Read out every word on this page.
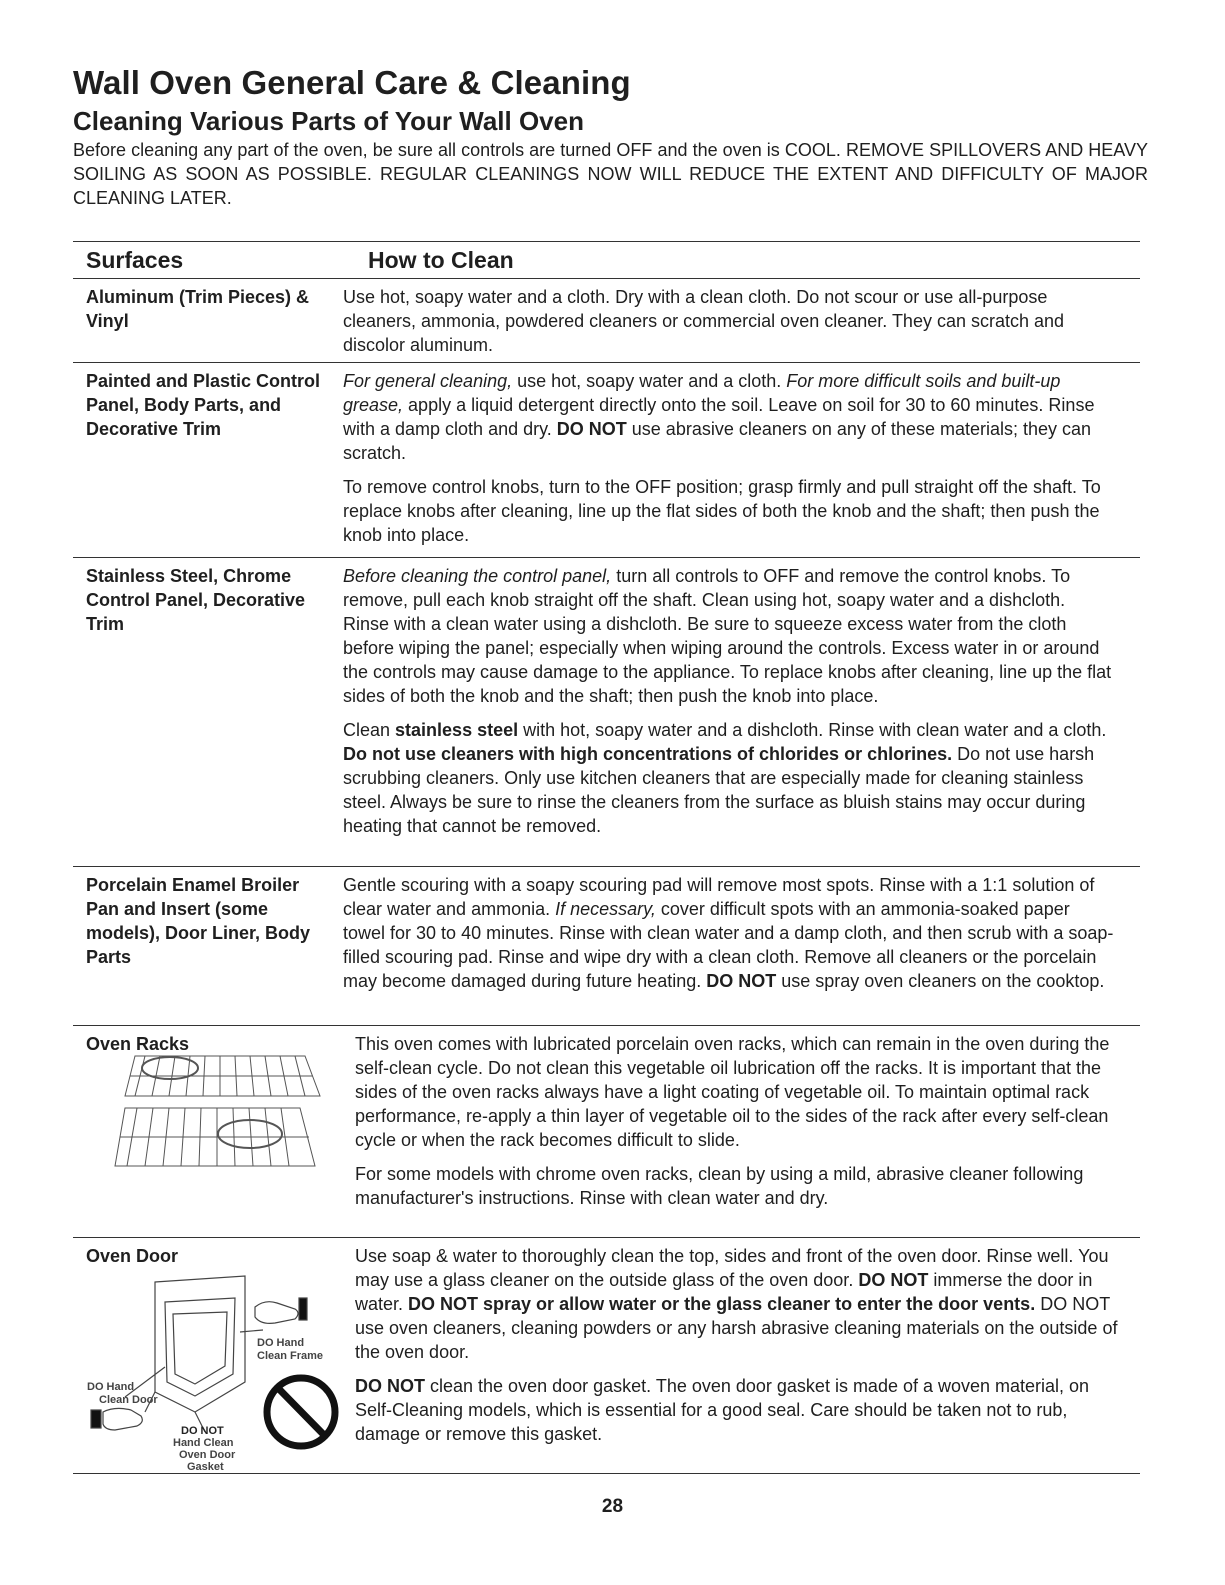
Wall Oven General Care & Cleaning
Cleaning Various Parts of Your Wall Oven

Before cleaning any part of the oven, be sure all controls are turned OFF and the oven is COOL. REMOVE SPILLOVERS AND HEAVY SOILING AS SOON AS POSSIBLE. REGULAR CLEANINGS NOW WILL REDUCE THE EXTENT AND DIFFICULTY OF MAJOR CLEANING LATER.

Surfaces	How to Clean
Aluminum (Trim Pieces) & Vinyl

Use hot, soapy water and a cloth. Dry with a clean cloth. Do not scour or use all-purpose cleaners, ammonia, powdered cleaners or commercial oven cleaner. They can scratch and discolor aluminum.

Painted and Plastic Control Panel, Body Parts, and Decorative Trim

For general cleaning, use hot, soapy water and a cloth. For more difficult soils and built-up grease, apply a liquid detergent directly onto the soil. Leave on soil for 30 to 60 minutes. Rinse with a damp cloth and dry. DO NOT use abrasive cleaners on any of these materials; they can scratch.

To remove control knobs, turn to the OFF position; grasp firmly and pull straight off the shaft. To replace knobs after cleaning, line up the flat sides of both the knob and the shaft; then push the knob into place.

Stainless Steel, Chrome Control Panel, Decorative Trim

Before cleaning the control panel, turn all controls to OFF and remove the control knobs. To remove, pull each knob straight off the shaft. Clean using hot, soapy water and a dishcloth. Rinse with a clean water using a dishcloth. Be sure to squeeze excess water from the cloth before wiping the panel; especially when wiping around the controls. Excess water in or around the controls may cause damage to the appliance. To replace knobs after cleaning, line up the flat sides of both the knob and the shaft; then push the knob into place.

Clean stainless steel with hot, soapy water and a dishcloth. Rinse with clean water and a cloth. Do not use cleaners with high concentrations of chlorides or chlorines. Do not use harsh scrubbing cleaners. Only use kitchen cleaners that are especially made for cleaning stainless steel. Always be sure to rinse the cleaners from the surface as bluish stains may occur during heating that cannot be removed.

Porcelain Enamel Broiler Pan and Insert (some models), Door Liner, Body Parts

Gentle scouring with a soapy scouring pad will remove most spots. Rinse with a 1:1 solution of clear water and ammonia. If necessary, cover difficult spots with an ammonia-soaked paper towel for 30 to 40 minutes. Rinse with clean water and a damp cloth, and then scrub with a soap-filled scouring pad. Rinse and wipe dry with a clean cloth. Remove all cleaners or the porcelain may become damaged during future heating. DO NOT use spray oven cleaners on the cooktop.

Oven Racks	This oven comes with lubricated porcelain oven racks, which can remain in the oven during the self-clean cycle. Do not clean this vegetable oil lubrication off the racks. It is important that the sides of the oven racks always have a light coating of vegetable oil. To maintain optimal rack performance, re-apply a thin layer of vegetable oil to the sides of the rack after every self-clean cycle or when the rack becomes difficult to slide.

For some models with chrome oven racks, clean by using a mild, abrasive cleaner following manufacturer's instructions. Rinse with clean water and dry.

Oven Door
DO Hand
Clean Frame
DO Hand
Clean Door
DO NOT
Hand Clean
Oven Door
Gasket

Use soap & water to thoroughly clean the top, sides and front of the oven door. Rinse well. You may use a glass cleaner on the outside glass of the oven door. DO NOT immerse the door in water. DO NOT spray or allow water or the glass cleaner to enter the door vents. DO NOT use oven cleaners, cleaning powders or any harsh abrasive cleaning materials on the outside of the oven door.

DO NOT clean the oven door gasket. The oven door gasket is made of a woven material, on Self-Cleaning models, which is essential for a good seal. Care should be taken not to rub, damage or remove this gasket.

28
